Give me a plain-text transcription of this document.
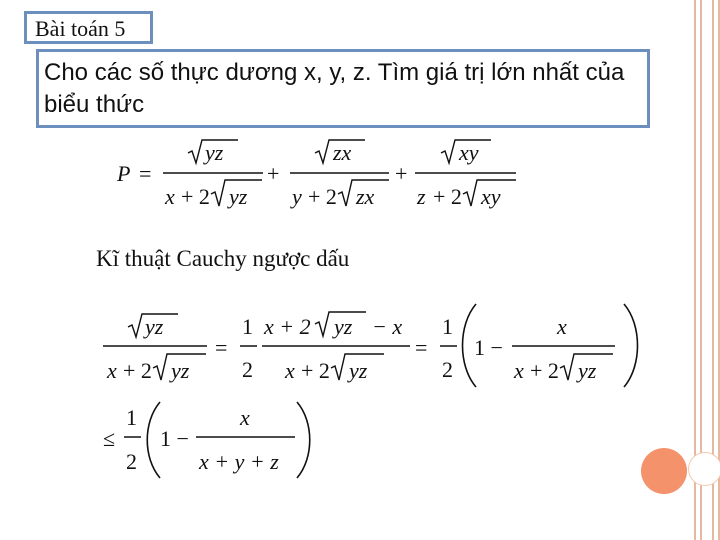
Bài toán 5
Cho các số thực dương x, y, z. Tìm giá trị lớn nhất của biểu thức
P =
yz
x + 2 yz
+
zx
y + 2 zx
+
xy
z + 2 xy
Kĩ thuật Cauchy ngược dấu
yz
x + 2 yz
=
1
2
x + 2 yz − x
x + 2 yz
=
1
2
1 −
x
x + 2 yz
≤
1
2
1 −
x
x + y + z
